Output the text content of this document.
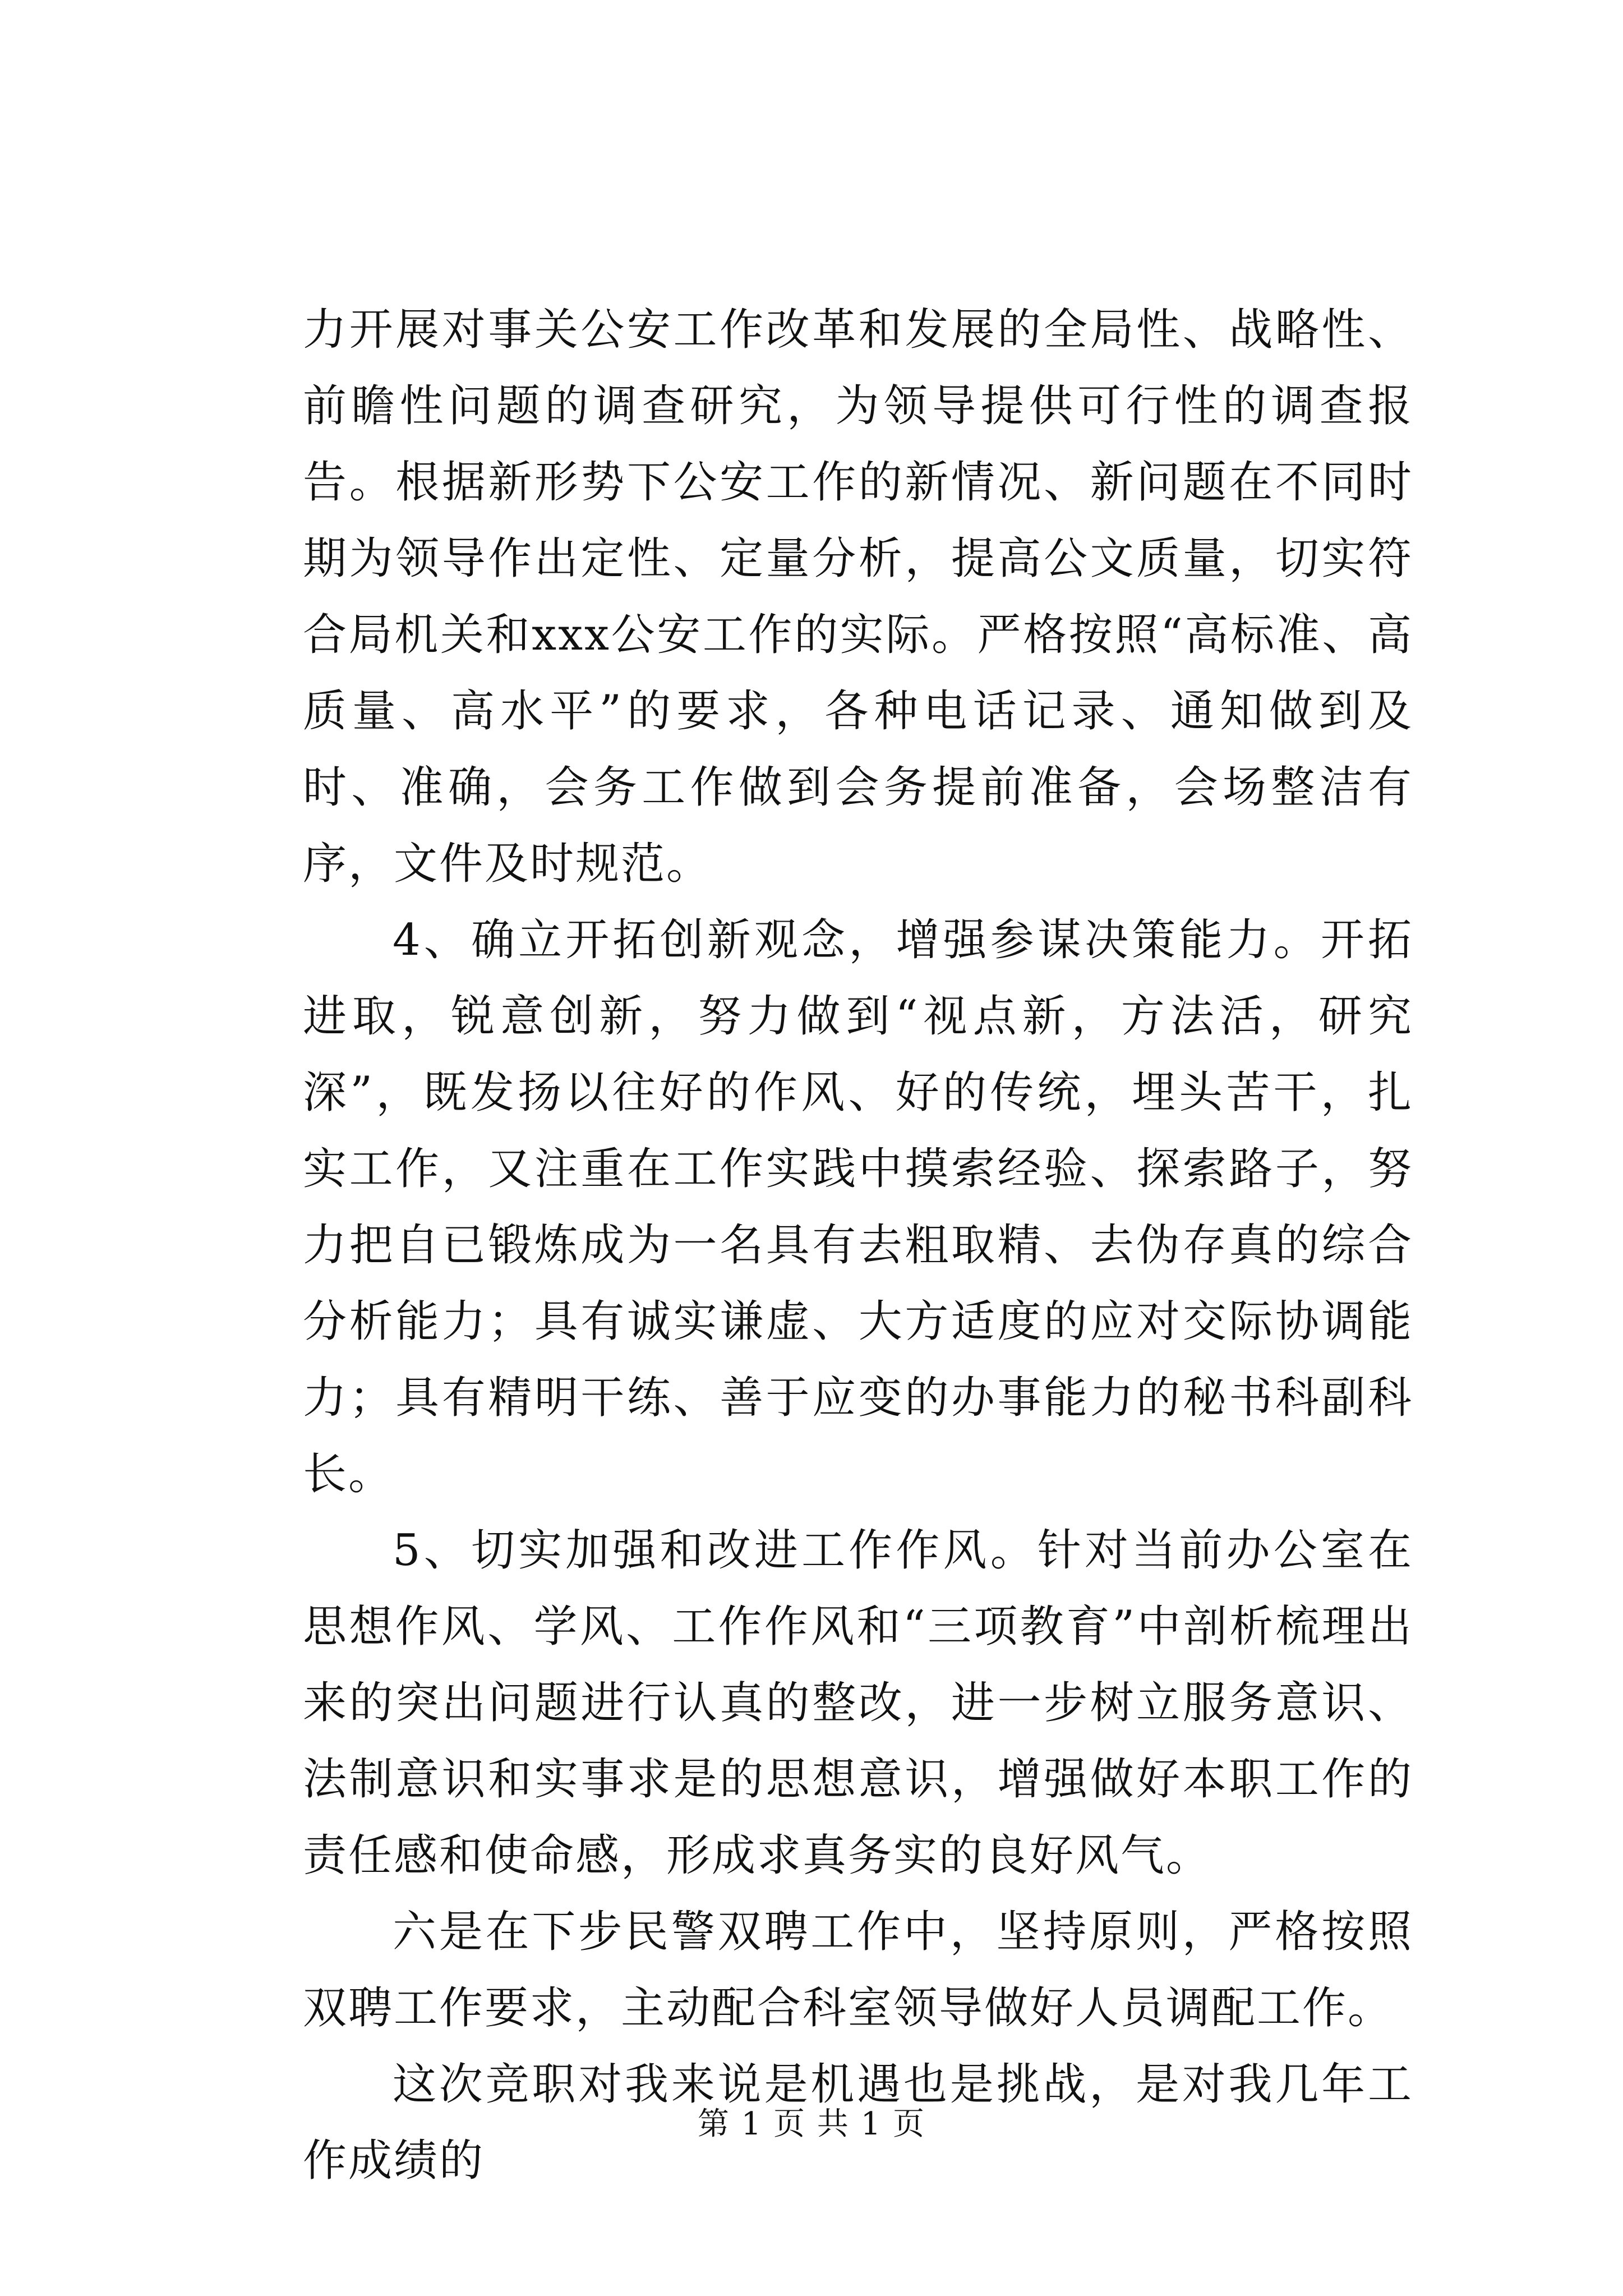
力开展对事关公安工作改革和发展的全局性、战略性、前瞻性问题的调查研究，为领导提供可行性的调查报告。根据新形势下公安工作的新情况、新问题在不同时期为领导作出定性、定量分析，提高公文质量，切实符合局机关和xxx公安工作的实际。严格按照“高标准、高质量、高水平”的要求，各种电话记录、通知做到及时、准确，会务工作做到会务提前准备，会场整洁有序，文件及时规范。

4、确立开拓创新观念，增强参谋决策能力。开拓进取，锐意创新，努力做到“视点新，方法活，研究深”，既发扬以往好的作风、好的传统，埋头苦干，扎实工作，又注重在工作实践中摸索经验、探索路子，努力把自已锻炼成为一名具有去粗取精、去伪存真的综合分析能力；具有诚实谦虚、大方适度的应对交际协调能力；具有精明干练、善于应变的办事能力的秘书科副科长。

5、切实加强和改进工作作风。针对当前办公室在思想作风、学风、工作作风和“三项教育”中剖析梳理出来的突出问题进行认真的整改，进一步树立服务意识、法制意识和实事求是的思想意识，增强做好本职工作的责任感和使命感，形成求真务实的良好风气。

六是在下步民警双聘工作中，坚持原则，严格按照双聘工作要求，主动配合科室领导做好人员调配工作。

这次竞职对我来说是机遇也是挑战，是对我几年工作成绩的

第 1 页 共 1 页
